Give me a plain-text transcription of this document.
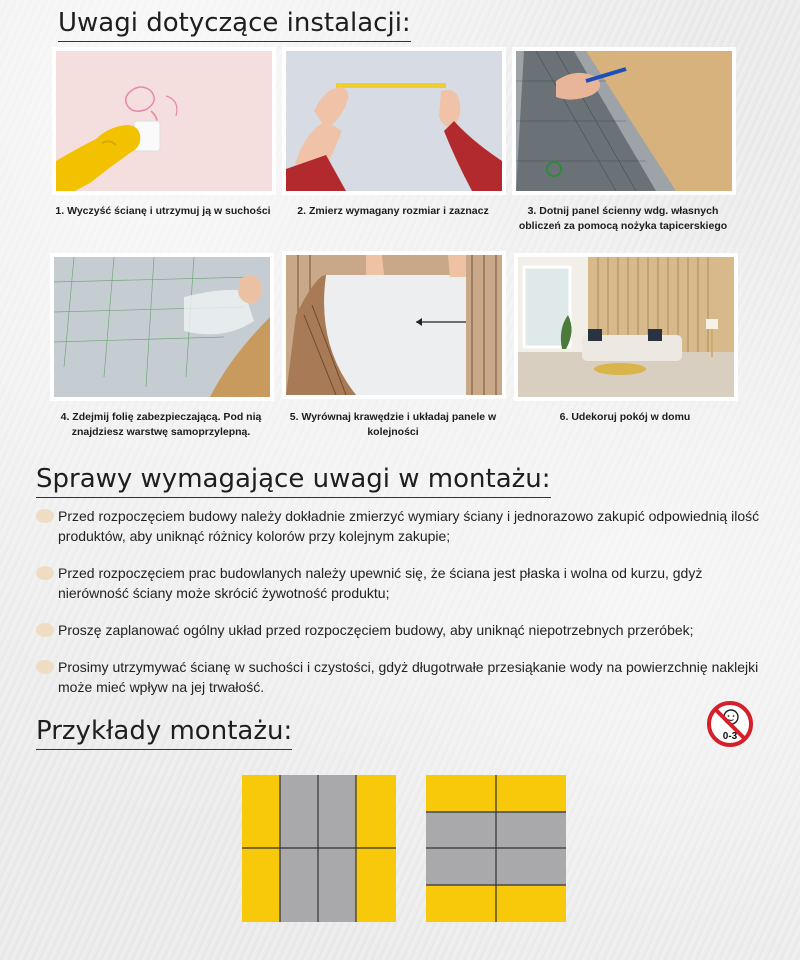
Uwagi dotyczące instalacji:
1. Wyczyść ścianę i utrzymuj ją w suchości	2. Zmierz wymagany rozmiar i zaznacz	3. Dotnij panel ścienny wdg. własnych obliczeń za pomocą nożyka tapicerskiego
4. Zdejmij folię zabezpieczającą. Pod nią znajdziesz warstwę samoprzylepną.
5. Wyrównaj krawędzie i układaj panele w kolejności
6. Udekoruj pokój w domu
Sprawy wymagające uwagi w montażu:
Przed rozpoczęciem budowy należy dokładnie zmierzyć wymiary ściany i jednorazowo zakupić odpowiednią ilość produktów, aby uniknąć różnicy kolorów przy kolejnym zakupie;
Przed rozpoczęciem prac budowlanych należy upewnić się, że ściana jest płaska i wolna od kurzu, gdyż nierówność ściany może skrócić żywotność produktu;
Proszę zaplanować ogólny układ przed rozpoczęciem budowy, aby uniknąć niepotrzebnych przeróbek;
Prosimy utrzymywać ścianę w suchości i czystości, gdyż długotrwałe przesiąkanie wody na powierzchnię naklejki może mieć wpływ na jej trwałość.
Przykłady montażu:	0-3
